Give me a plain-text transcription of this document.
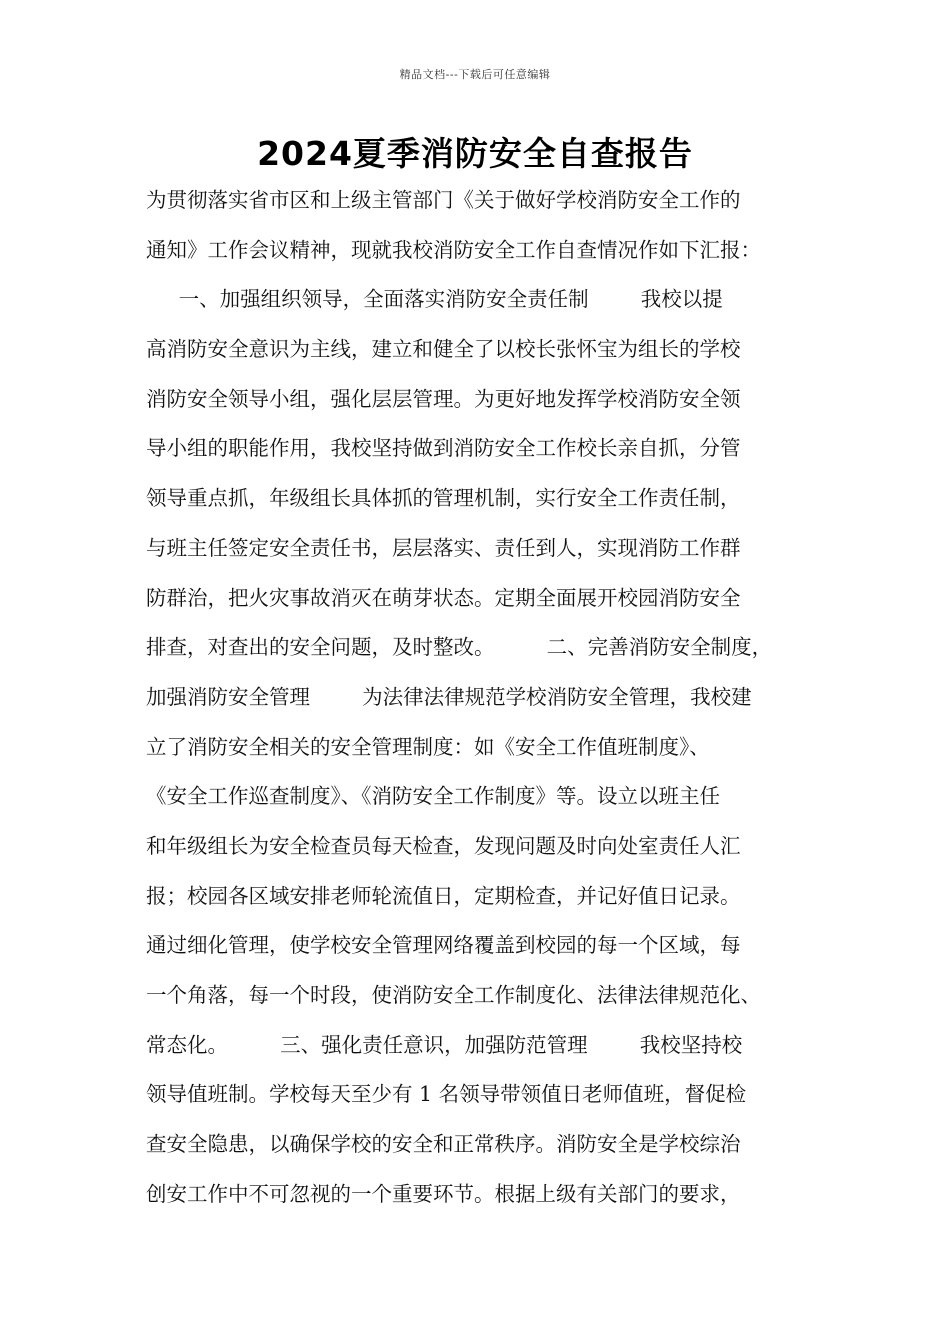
精品文档---下载后可任意编辑
2024夏季消防安全自查报告
为贯彻落实省市区和上级主管部门《关于做好学校消防安全工作的
通知》工作会议精神，现就我校消防安全工作自查情况作如下汇报：
一、加强组织领导，全面落实消防安全责任制        我校以提
高消防安全意识为主线，建立和健全了以校长张怀宝为组长的学校
消防安全领导小组，强化层层管理。为更好地发挥学校消防安全领
导小组的职能作用，我校坚持做到消防安全工作校长亲自抓，分管
领导重点抓，年级组长具体抓的管理机制，实行安全工作责任制，
与班主任签定安全责任书，层层落实、责任到人，实现消防工作群
防群治，把火灾事故消灭在萌芽状态。定期全面展开校园消防安全
排查，对查出的安全问题，及时整改。        二、完善消防安全制度，
加强消防安全管理        为法律法律规范学校消防安全管理，我校建
立了消防安全相关的安全管理制度：如《安全工作值班制度》、
《安全工作巡查制度》、《消防安全工作制度》等。设立以班主任
和年级组长为安全检查员每天检查，发现问题及时向处室责任人汇
报；校园各区域安排老师轮流值日，定期检查，并记好值日记录。
通过细化管理，使学校安全管理网络覆盖到校园的每一个区域，每
一个角落，每一个时段，使消防安全工作制度化、法律法律规范化、
常态化。        三、强化责任意识，加强防范管理        我校坚持校
领导值班制。学校每天至少有 1 名领导带领值日老师值班，督促检
查安全隐患，以确保学校的安全和正常秩序。消防安全是学校综治
创安工作中不可忽视的一个重要环节。根据上级有关部门的要求，
